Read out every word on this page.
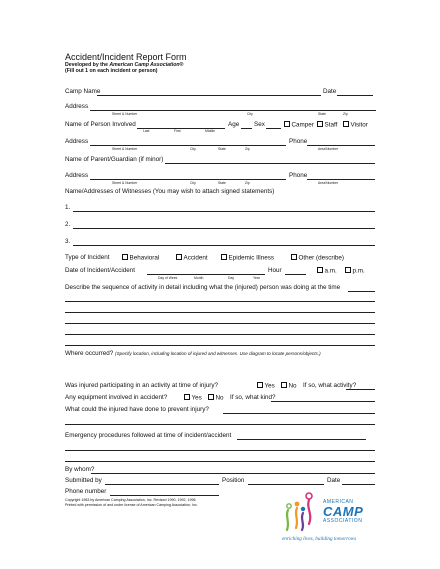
Accident/Incident Report Form
Developed by the American Camp Association®
(Fill out 1 on each incident or person)
Camp Name	Date
Address
Street & Number	City	State	Zip
Name of Person Involved	Age Sex	Camper	Staff	Visitor
Last	First	Middle
Address	Phone
Street & Number	City	State	Zip	Area/Number
Name of Parent/Guardian (if minor)
Address	Phone
Street & Number	City	State	Zip	Area/Number
Name/Addresses of Witnesses (You may wish to attach signed statements)
1.
2.
3.
Type of Incident	Behavioral	Accident	Epidemic Illness	Other (describe)
Date of Incident/Accident
Day of Week	Month	Day	Year
Hour	a.m.	p.m.
Describe the sequence of activity in detail including what the (injured) person was doing at the time
Where occurred? (Specify location, including location of injured and witnesses. Use diagram to locate persons/objects.)
Was injured participating in an activity at time of injury?	Yes	No If so, what activity?
Any equipment involved in accident?	Yes	No If so, what kind?
What could the injured have done to prevent injury?
Emergency procedures followed at time of incident/accident
By whom?
Submitted by	Position	Date
Phone number
Copyright 1983 by American Camping Association, Inc. Revised 1990, 1992, 1996.
Printed with permission of and under license of American Camping Association, Inc.	AMERICAN
CAMP
ASSOCIATION
enriching lives, building tomorrows
